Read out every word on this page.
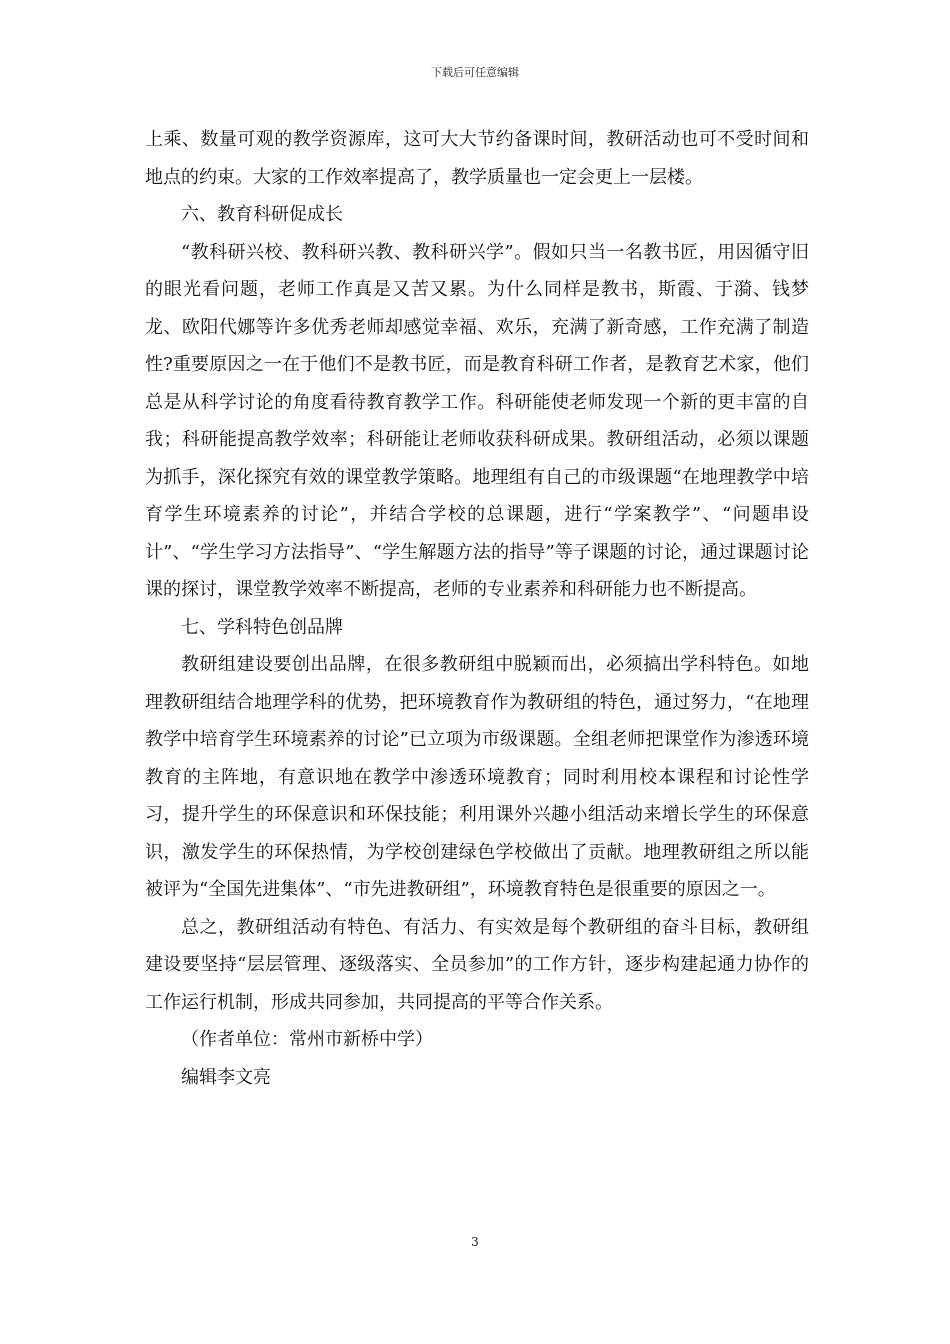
下载后可任意编辑

上乘、数量可观的教学资源库，这可大大节约备课时间，教研活动也可不受时间和地点的约束。大家的工作效率提高了，教学质量也一定会更上一层楼。

六、教育科研促成长

“教科研兴校、教科研兴教、教科研兴学”。假如只当一名教书匠，用因循守旧的眼光看问题，老师工作真是又苦又累。为什么同样是教书，斯霞、于漪、钱梦龙、欧阳代娜等许多优秀老师却感觉幸福、欢乐，充满了新奇感，工作充满了制造性?重要原因之一在于他们不是教书匠，而是教育科研工作者，是教育艺术家，他们总是从科学讨论的角度看待教育教学工作。科研能使老师发现一个新的更丰富的自我；科研能提高教学效率；科研能让老师收获科研成果。教研组活动，必须以课题为抓手，深化探究有效的课堂教学策略。地理组有自己的市级课题“在地理教学中培育学生环境素养的讨论”，并结合学校的总课题，进行“学案教学”、“问题串设计”、“学生学习方法指导”、“学生解题方法的指导”等子课题的讨论，通过课题讨论课的探讨，课堂教学效率不断提高，老师的专业素养和科研能力也不断提高。

七、学科特色创品牌

教研组建设要创出品牌，在很多教研组中脱颖而出，必须搞出学科特色。如地理教研组结合地理学科的优势，把环境教育作为教研组的特色，通过努力，“在地理教学中培育学生环境素养的讨论”已立项为市级课题。全组老师把课堂作为渗透环境教育的主阵地，有意识地在教学中渗透环境教育；同时利用校本课程和讨论性学习，提升学生的环保意识和环保技能；利用课外兴趣小组活动来增长学生的环保意识，激发学生的环保热情，为学校创建绿色学校做出了贡献。地理教研组之所以能被评为“全国先进集体”、“市先进教研组”，环境教育特色是很重要的原因之一。

总之，教研组活动有特色、有活力、有实效是每个教研组的奋斗目标，教研组建设要坚持“层层管理、逐级落实、全员参加”的工作方针，逐步构建起通力协作的工作运行机制，形成共同参加，共同提高的平等合作关系。

（作者单位：常州市新桥中学）

编辑李文亮

3
